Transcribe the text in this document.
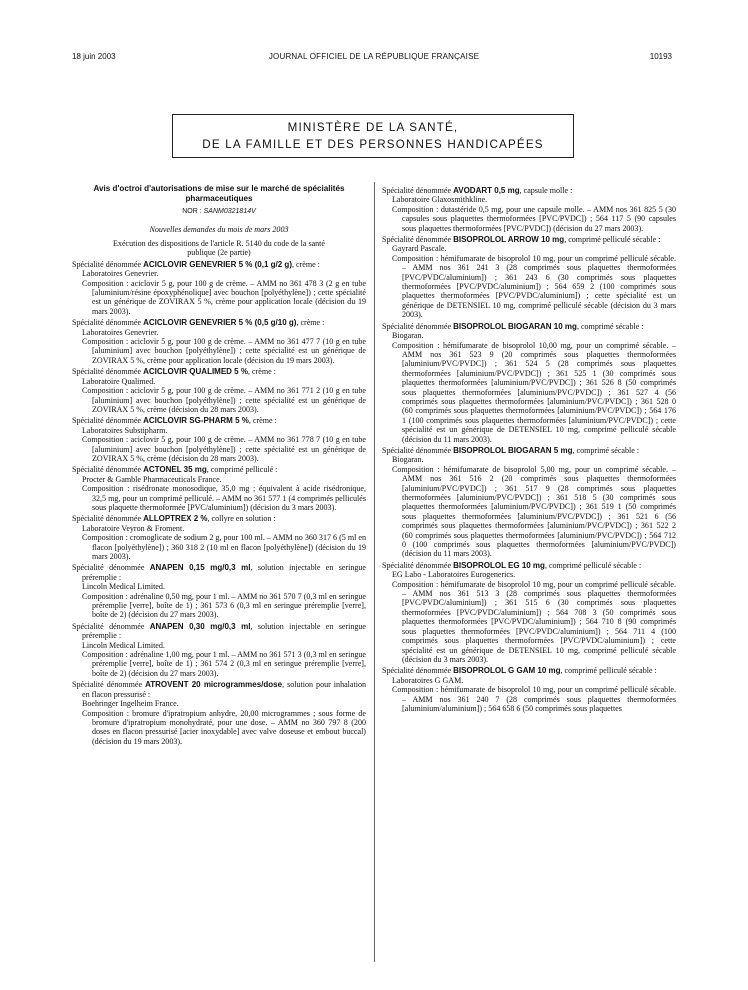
18 juin 2003	JOURNAL OFFICIEL DE LA RÉPUBLIQUE FRANÇAISE	10193
MINISTÈRE DE LA SANTÉ,
DE LA FAMILLE ET DES PERSONNES HANDICAPÉES
Avis d'octroi d'autorisations de mise sur le marché de spécialités pharmaceutiques
NOR : SANM0321814V
Nouvelles demandes du mois de mars 2003
Exécution des dispositions de l'article R. 5140 du code de la santé publique (2e partie)

Spécialité dénommée ACICLOVIR GENEVRIER 5 % (0,1 g/2 g), crème :

Laboratoires Genevrier.

Composition : aciclovir 5 g, pour 100 g de crème. – AMM no 361 478 3 (2 g en tube [aluminium/résine époxyphénolique] avec bouchon [polyéthylène]) ; cette spécialité est un générique de ZOVIRAX 5 %, crème pour application locale (décision du 19 mars 2003).

Spécialité dénommée ACICLOVIR GENEVRIER 5 % (0,5 g/10 g), crème :

Laboratoires Genevrier.

Composition : aciclovir 5 g, pour 100 g de crème. – AMM no 361 477 7 (10 g en tube [aluminium] avec bouchon [polyéthylène]) ; cette spécialité est un générique de ZOVIRAX 5 %, crème pour application locale (décision du 19 mars 2003).

Spécialité dénommée ACICLOVIR QUALIMED 5 %, crème :

Laboratoire Qualimed.

Composition : aciclovir 5 g, pour 100 g de crème. – AMM no 361 771 2 (10 g en tube [aluminium] avec bouchon [polyéthylène]) ; cette spécialité est un générique de ZOVIRAX 5 %, crème (décision du 28 mars 2003).

Spécialité dénommée ACICLOVIR SG-PHARM 5 %, crème :

Laboratoires Substipharm.

Composition : aciclovir 5 g, pour 100 g de crème. – AMM no 361 778 7 (10 g en tube [aluminium] avec bouchon [polyéthylène]) ; cette spécialité est un générique de ZOVIRAX 5 %, crème (décision du 28 mars 2003).

Spécialité dénommée ACTONEL 35 mg, comprimé pelliculé :

Procter & Gamble Pharmaceuticals France.

Composition : risédronate monosodique, 35,0 mg ; équivalent à acide risédronique, 32,5 mg, pour un comprimé pelliculé. – AMM no 361 577 1 (4 comprimés pelliculés sous plaquette thermoformée [PVC/aluminium]) (décision du 3 mars 2003).

Spécialité dénommée ALLOPTREX 2 %, collyre en solution :

Laboratoire Veyron & Froment.

Composition : cromoglicate de sodium 2 g, pour 100 ml. – AMM no 360 317 6 (5 ml en flacon [polyéthylène]) ; 360 318 2 (10 ml en flacon [polyéthylène]) (décision du 19 mars 2003).

Spécialité dénommée ANAPEN 0,15 mg/0,3 ml, solution injectable en seringue préremplie :

Lincoln Medical Limited.

Composition : adrénaline 0,50 mg, pour 1 ml. – AMM no 361 570 7 (0,3 ml en seringue préremplie [verre], boîte de 1) ; 361 573 6 (0,3 ml en seringue préremplie [verre], boîte de 2) (décision du 27 mars 2003).

Spécialité dénommée ANAPEN 0,30 mg/0,3 ml, solution injectable en seringue préremplie :

Lincoln Medical Limited.

Composition : adrénaline 1,00 mg, pour 1 ml. – AMM no 361 571 3 (0,3 ml en seringue préremplie [verre], boîte de 1) ; 361 574 2 (0,3 ml en seringue préremplie [verre], boîte de 2) (décision du 27 mars 2003).

Spécialité dénommée ATROVENT 20 microgrammes/dose, solution pour inhalation en flacon pressurisé :

Boehringer Ingelheim France.

Composition : bromure d'ipratropium anhydre, 20,00 microgrammes ; sous forme de bromure d'ipratropium monohydraté, pour une dose. – AMM no 360 797 8 (200 doses en flacon pressurisé [acier inoxydable] avec valve doseuse et embout buccal) (décision du 19 mars 2003).

Spécialité dénommée AVODART 0,5 mg, capsule molle :

Laboratoire Glaxosmithkline.

Composition : dutastéride 0,5 mg, pour une capsule molle. – AMM nos 361 825 5 (30 capsules sous plaquettes thermoformées [PVC/PVDC]) ; 564 117 5 (90 capsules sous plaquettes thermoformées [PVC/PVDC]) (décision du 27 mars 2003).

Spécialité dénommée BISOPROLOL ARROW 10 mg, comprimé pelliculé sécable :

Gayrard Pascale.

Composition : hémifumarate de bisoprolol 10 mg, pour un comprimé pelliculé sécable. – AMM nos 361 241 3 (28 comprimés sous plaquettes thermoformées [PVC/PVDC/aluminium]) ; 361 243 6 (30 comprimés sous plaquettes thermoformées [PVC/PVDC/aluminium]) ; 564 659 2 (100 comprimés sous plaquettes thermoformées [PVC/PVDC/aluminium]) ; cette spécialité est un générique de DETENSIEL 10 mg, comprimé pelliculé sécable (décision du 3 mars 2003).

Spécialité dénommée BISOPROLOL BIOGARAN 10 mg, comprimé sécable :

Biogaran.

Composition : hémifumarate de bisoprolol 10,00 mg, pour un comprimé sécable. – AMM nos 361 523 9 (20 comprimés sous plaquettes thermoformées [aluminium/PVC/PVDC]) ; 361 524 5 (28 comprimés sous plaquettes thermoformées [aluminium/PVC/PVDC]) ; 361 525 1 (30 comprimés sous plaquettes thermoformées [aluminium/PVC/PVDC]) ; 361 526 8 (50 comprimés sous plaquettes thermoformées [aluminium/PVC/PVDC]) ; 361 527 4 (56 comprimés sous plaquettes thermoformées [aluminium/PVC/PVDC]) ; 361 528 0 (60 comprimés sous plaquettes thermoformées [aluminium/PVC/PVDC]) ; 564 176 1 (100 comprimés sous plaquettes thermoformées [aluminium/PVC/PVDC]) ; cette spécialité est un générique de DETENSIEL 10 mg, comprimé pelliculé sécable (décision du 11 mars 2003).

Spécialité dénommée BISOPROLOL BIOGARAN 5 mg, comprimé sécable :

Biogaran.

Composition : hémifumarate de bisoprolol 5,00 mg, pour un comprimé sécable. – AMM nos 361 516 2 (20 comprimés sous plaquettes thermoformées [aluminium/PVC/PVDC]) ; 361 517 9 (28 comprimés sous plaquettes thermoformées [aluminium/PVC/PVDC]) ; 361 518 5 (30 comprimés sous plaquettes thermoformées [aluminium/PVC/PVDC]) ; 361 519 1 (50 comprimés sous plaquettes thermoformées [aluminium/PVC/PVDC]) ; 361 521 6 (56 comprimés sous plaquettes thermoformées [aluminium/PVC/PVDC]) ; 361 522 2 (60 comprimés sous plaquettes thermoformées [aluminium/PVC/PVDC]) ; 564 712 0 (100 comprimés sous plaquettes thermoformées [aluminium/PVC/PVDC]) (décision du 11 mars 2003).

Spécialité dénommée BISOPROLOL EG 10 mg, comprimé pelliculé sécable :

EG Labo - Laboratoires Eurogenerics.

Composition : hémifumarate de bisoprolol 10 mg, pour un comprimé pelliculé sécable. – AMM nos 361 513 3 (28 comprimés sous plaquettes thermoformées [PVC/PVDC/aluminium]) ; 361 515 6 (30 comprimés sous plaquettes thermoformées [PVC/PVDC/aluminium]) ; 564 708 3 (50 comprimés sous plaquettes thermoformées [PVC/PVDC/aluminium]) ; 564 710 8 (90 comprimés sous plaquettes thermoformées [PVC/PVDC/aluminium]) ; 564 711 4 (100 comprimés sous plaquettes thermoformées [PVC/PVDC/aluminium]) ; cette spécialité est un générique de DETENSIEL 10 mg, comprimé pelliculé sécable (décision du 3 mars 2003).

Spécialité dénommée BISOPROLOL G GAM 10 mg, comprimé pelliculé sécable :

Laboratoires G GAM.

Composition : hémifumarate de bisoprolol 10 mg, pour un comprimé pelliculé sécable. – AMM nos 361 240 7 (28 comprimés sous plaquettes thermoformées [aluminium/aluminium]) ; 564 658 6 (50 comprimés sous plaquettes
